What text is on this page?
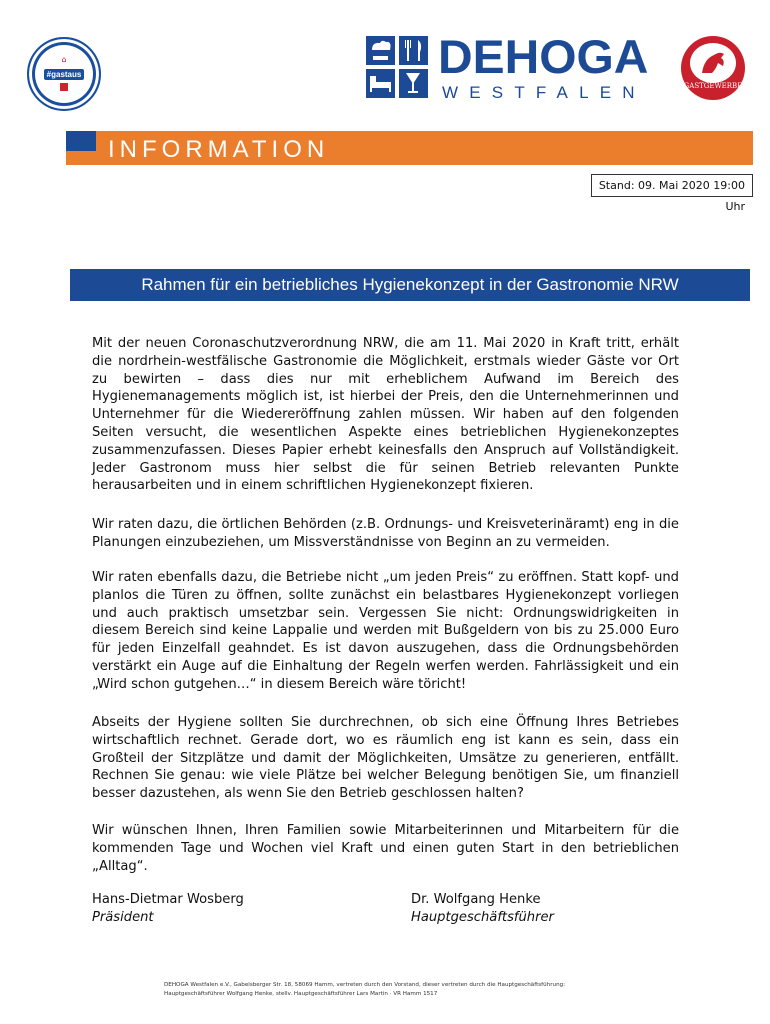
⌂
#gastaus	DEHOGA
WESTFALEN	GASTGEWERBE
INFORMATION
Stand: 09. Mai 2020 19:00 Uhr
Rahmen für ein betriebliches Hygienekonzept in der Gastronomie NRW
Mit der neuen Coronaschutzverordnung NRW, die am 11. Mai 2020 in Kraft tritt, erhält die nordrhein-westfälische Gastronomie die Möglichkeit, erstmals wieder Gäste vor Ort zu bewirten – dass dies nur mit erheblichem Aufwand im Bereich des Hygienemanagements möglich ist, ist hierbei der Preis, den die Unternehmerinnen und Unternehmer für die Wiedereröffnung zahlen müssen. Wir haben auf den folgenden Seiten versucht, die wesentlichen Aspekte eines betrieblichen Hygienekonzeptes zusammenzufassen. Dieses Papier erhebt keinesfalls den Anspruch auf Vollständigkeit. Jeder Gastronom muss hier selbst die für seinen Betrieb relevanten Punkte herausarbeiten und in einem schriftlichen Hygienekonzept fixieren.
Wir raten dazu, die örtlichen Behörden (z.B. Ordnungs- und Kreisveterinäramt) eng in die Planungen einzubeziehen, um Missverständnisse von Beginn an zu vermeiden.
Wir raten ebenfalls dazu, die Betriebe nicht „um jeden Preis“ zu eröffnen. Statt kopf- und planlos die Türen zu öffnen, sollte zunächst ein belastbares Hygienekonzept vorliegen und auch praktisch umsetzbar sein. Vergessen Sie nicht: Ordnungswidrigkeiten in diesem Bereich sind keine Lappalie und werden mit Bußgeldern von bis zu 25.000 Euro für jeden Einzelfall geahndet. Es ist davon auszugehen, dass die Ordnungsbehörden verstärkt ein Auge auf die Einhaltung der Regeln werfen werden. Fahrlässigkeit und ein „Wird schon gutgehen…“ in diesem Bereich wäre töricht!
Abseits der Hygiene sollten Sie durchrechnen, ob sich eine Öffnung Ihres Betriebes wirtschaftlich rechnet. Gerade dort, wo es räumlich eng ist kann es sein, dass ein Großteil der Sitzplätze und damit der Möglichkeiten, Umsätze zu generieren, entfällt. Rechnen Sie genau: wie viele Plätze bei welcher Belegung benötigen Sie, um finanziell besser dazustehen, als wenn Sie den Betrieb geschlossen halten?
Wir wünschen Ihnen, Ihren Familien sowie Mitarbeiterinnen und Mitarbeitern für die kommenden Tage und Wochen viel Kraft und einen guten Start in den betrieblichen „Alltag“.
Hans-Dietmar Wosberg
Präsident
Dr. Wolfgang Henke
Hauptgeschäftsführer
DEHOGA Westfalen e.V., Gabelsberger Str. 18, 58069 Hamm, vertreten durch den Vorstand, dieser vertreten durch die Hauptgeschäftsführung:
Hauptgeschäftsführer Wolfgang Henke, stellv. Hauptgeschäftsführer Lars Martin · VR Hamm 1517
